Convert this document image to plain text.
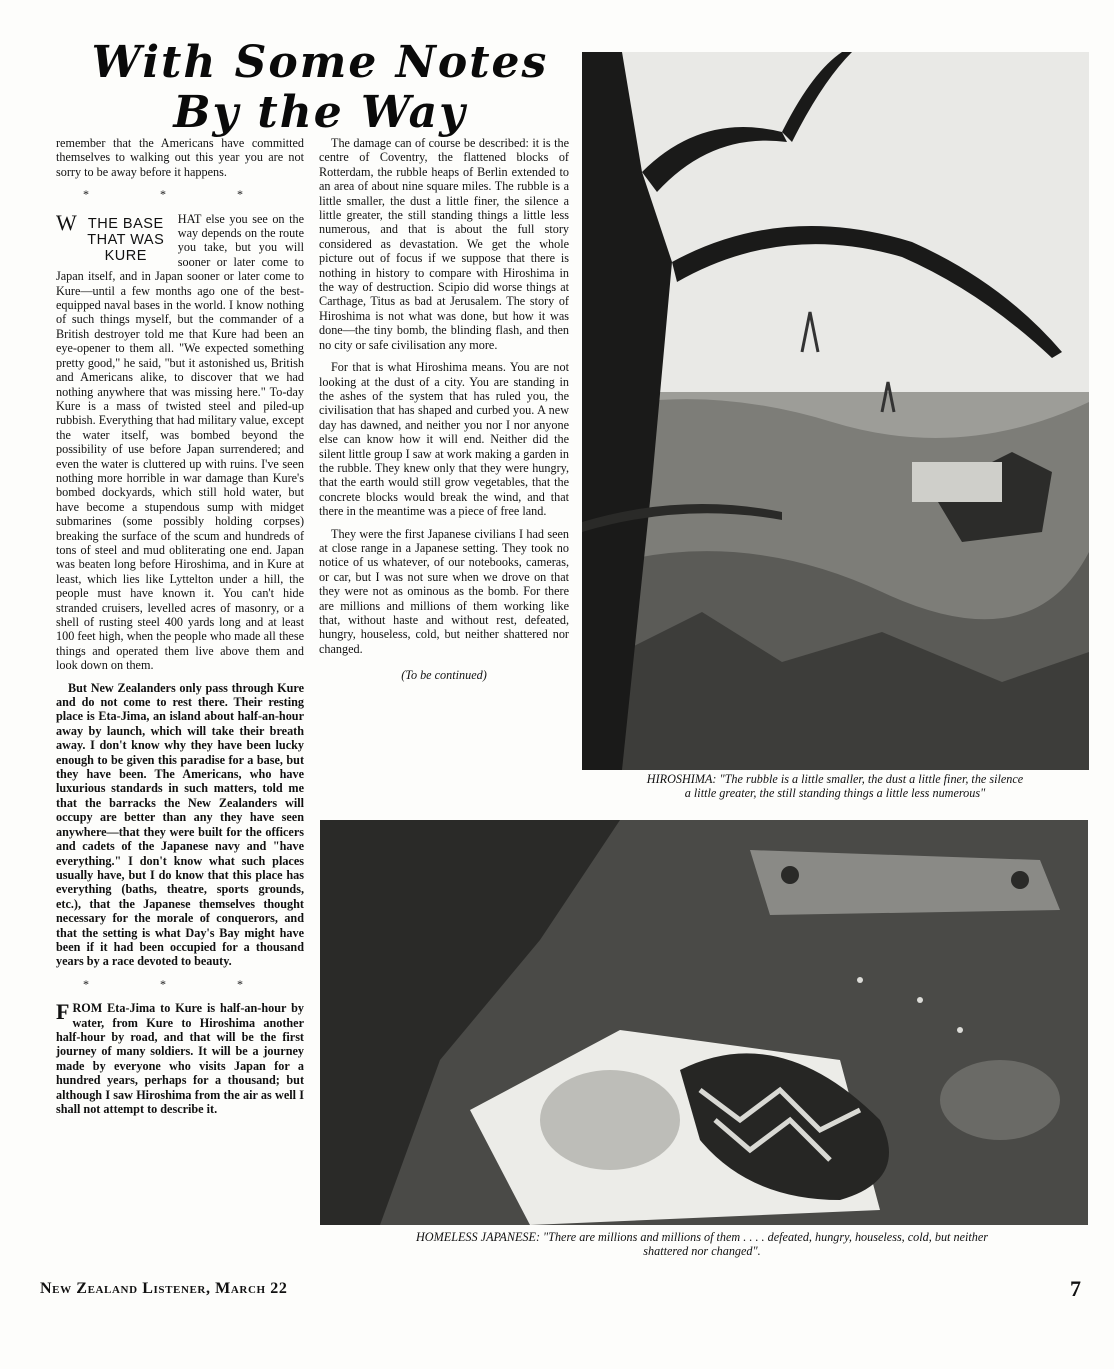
With Some Notes
By the Way

remember that the Americans have committed themselves to walking out this year you are not sorry to be away before it happens.

* * *

W THE BASE
THAT WAS
KURE
HAT else you see on the way depends on the route you take, but you will sooner or later come to Japan itself, and in Japan sooner or later come to Kure—until a few months ago one of the best-equipped naval bases in the world. I know nothing of such things myself, but the commander of a British destroyer told me that Kure had been an eye-opener to them all. "We expected something pretty good," he said, "but it astonished us, British and Americans alike, to discover that we had nothing anywhere that was missing here." To-day Kure is a mass of twisted steel and piled-up rubbish. Everything that had military value, except the water itself, was bombed beyond the possibility of use before Japan surrendered; and even the water is cluttered up with ruins. I've seen nothing more horrible in war damage than Kure's bombed dockyards, which still hold water, but have become a stupendous sump with midget submarines (some possibly holding corpses) breaking the surface of the scum and hundreds of tons of steel and mud obliterating one end. Japan was beaten long before Hiroshima, and in Kure at least, which lies like Lyttelton under a hill, the people must have known it. You can't hide stranded cruisers, levelled acres of masonry, or a shell of rusting steel 400 yards long and at least 100 feet high, when the people who made all these things and operated them live above them and look down on them.

But New Zealanders only pass through Kure and do not come to rest there. Their resting place is Eta-Jima, an island about half-an-hour away by launch, which will take their breath away. I don't know why they have been lucky enough to be given this paradise for a base, but they have been. The Americans, who have luxurious standards in such matters, told me that the barracks the New Zealanders will occupy are better than any they have seen anywhere—that they were built for the officers and cadets of the Japanese navy and "have everything." I don't know what such places usually have, but I do know that this place has everything (baths, theatre, sports grounds, etc.), that the Japanese themselves thought necessary for the morale of conquerors, and that the setting is what Day's Bay might have been if it had been occupied for a thousand years by a race devoted to beauty.

* * *

FROM Eta-Jima to Kure is half-an-hour by water, from Kure to Hiroshima another half-hour by road, and that will be the first journey of many soldiers. It will be a journey made by everyone who visits Japan for a hundred years, perhaps for a thousand; but although I saw Hiroshima from the air as well I shall not attempt to describe it.

The damage can of course be described: it is the centre of Coventry, the flattened blocks of Rotterdam, the rubble heaps of Berlin extended to an area of about nine square miles. The rubble is a little smaller, the dust a little finer, the silence a little greater, the still standing things a little less numerous, and that is about the full story considered as devastation. We get the whole picture out of focus if we suppose that there is nothing in history to compare with Hiroshima in the way of destruction. Scipio did worse things at Carthage, Titus as bad at Jerusalem. The story of Hiroshima is not what was done, but how it was done—the tiny bomb, the blinding flash, and then no city or safe civilisation any more.

For that is what Hiroshima means. You are not looking at the dust of a city. You are standing in the ashes of the system that has ruled you, the civilisation that has shaped and curbed you. A new day has dawned, and neither you nor I nor anyone else can know how it will end. Neither did the silent little group I saw at work making a garden in the rubble. They knew only that they were hungry, that the earth would still grow vegetables, that the concrete blocks would break the wind, and that there in the meantime was a piece of free land.

They were the first Japanese civilians I had seen at close range in a Japanese setting. They took no notice of us whatever, of our notebooks, cameras, or car, but I was not sure when we drove on that they were not as ominous as the bomb. For there are millions and millions of them working like that, without haste and without rest, defeated, hungry, houseless, cold, but neither shattered nor changed.

(To be continued)
HIROSHIMA: "The rubble is a little smaller, the dust a little finer, the silence
a little greater, the still standing things a little less numerous"
HOMELESS JAPANESE: "There are millions and millions of them . . . . defeated, hungry, houseless, cold, but neither
shattered nor changed".
New Zealand Listener, March 22	7
